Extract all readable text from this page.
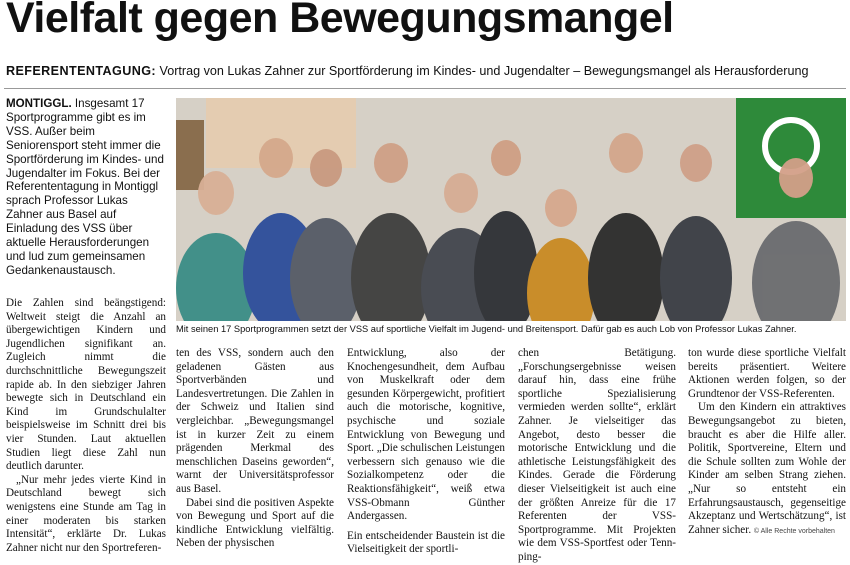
Vielfalt gegen Bewegungsmangel
REFERENTENTAGUNG: Vortrag von Lukas Zahner zur Sportförderung im Kindes- und Jugendalter – Bewegungsmangel als Herausforderung
MONTIGGL. Insgesamt 17 Sportprogramme gibt es im VSS. Außer beim Seniorensport steht immer die Sportförderung im Kindes- und Jugendalter im Fokus. Bei der Referententagung in Montiggl sprach Professor Lukas Zahner aus Basel auf Einladung des VSS über aktuelle Herausforderungen und lud zum gemeinsamen Gedankenaustausch.
Mit seinen 17 Sportprogrammen setzt der VSS auf sportliche Vielfalt im Jugend- und Breitensport. Dafür gab es auch Lob von Professor Lukas Zahner.

Die Zahlen sind beängstigend: Weltweit steigt die Anzahl an übergewichtigen Kindern und Jugendlichen signifikant an. Zugleich nimmt die durchschnittliche Bewegungszeit rapide ab. In den siebziger Jahren bewegte sich in Deutschland ein Kind im Grundschulalter beispielsweise im Schnitt drei bis vier Stunden. Laut aktuellen Studien liegt diese Zahl nun deutlich darunter.

„Nur mehr jedes vierte Kind in Deutschland bewegt sich wenigstens eine Stunde am Tag in einer moderaten bis starken Intensität“, erklärte Dr. Lukas Zahner nicht nur den Sportreferen-

ten des VSS, sondern auch den geladenen Gästen aus Sportverbänden und Landesvertretungen. Die Zahlen in der Schweiz und Italien sind vergleichbar. „Bewegungsmangel ist in kurzer Zeit zu einem prägenden Merkmal des menschlichen Daseins geworden“, warnt der Universitätsprofessor aus Basel.

Dabei sind die positiven Aspekte von Bewegung und Sport auf die kindliche Entwicklung vielfältig. Neben der physischen

Entwicklung, also der Knochengesundheit, dem Aufbau von Muskelkraft oder dem gesunden Körpergewicht, profitiert auch die motorische, kognitive, psychische und soziale Entwicklung von Bewegung und Sport. „Die schulischen Leistungen verbessern sich genauso wie die Sozialkompetenz oder die Reaktionsfähigkeit“, weiß etwa VSS-Obmann Günther Andergassen.

Ein entscheidender Baustein ist die Vielseitigkeit der sportli-

chen Betätigung. „Forschungsergebnisse weisen darauf hin, dass eine frühe sportliche Spezialisierung vermieden werden sollte“, erklärt Zahner. Je vielseitiger das Angebot, desto besser die motorische Entwicklung und die athletische Leistungsfähigkeit des Kindes. Gerade die Förderung dieser Vielseitigkeit ist auch eine der größten Anreize für die 17 Referenten der VSS-Sportprogramme. Mit Projekten wie dem VSS-Sportfest oder Tenn-ping-

ton wurde diese sportliche Vielfalt bereits präsentiert. Weitere Aktionen werden folgen, so der Grundtenor der VSS-Referenten.

Um den Kindern ein attraktives Bewegungsangebot zu bieten, braucht es aber die Hilfe aller. Politik, Sportvereine, Eltern und die Schule sollten zum Wohle der Kinder am selben Strang ziehen. „Nur so entsteht ein Erfahrungsaustausch, gegenseitige Akzeptanz und Wertschätzung“, ist Zahner sicher. © Alle Rechte vorbehalten
